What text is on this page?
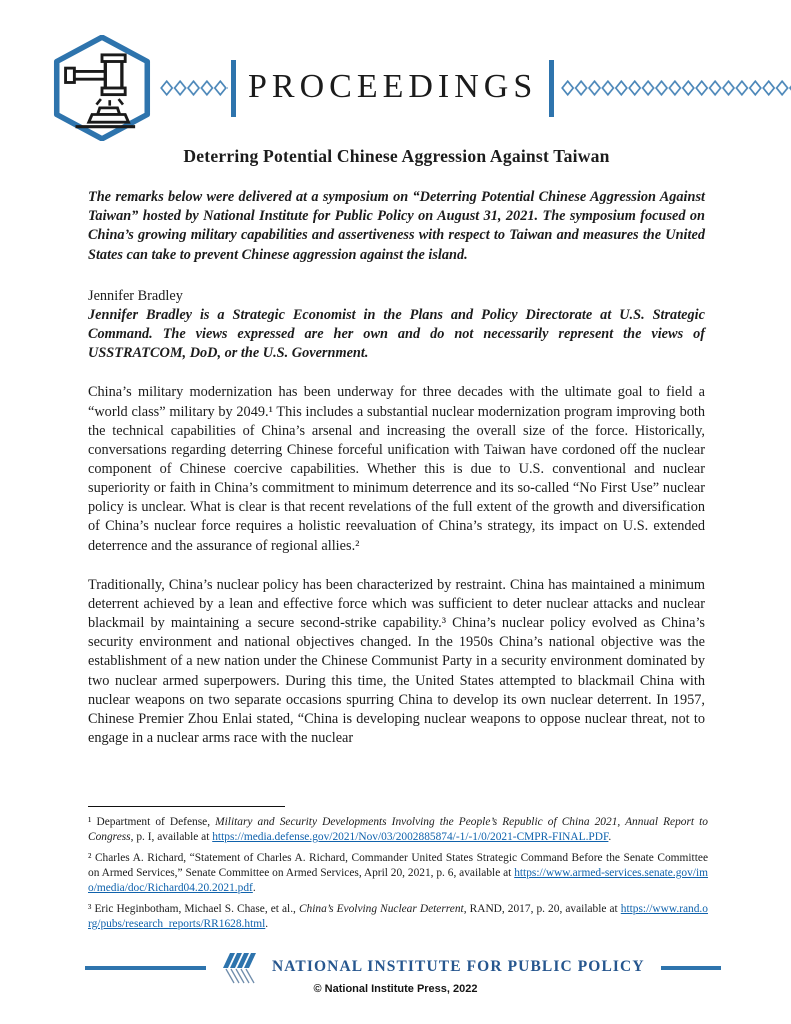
PROCEEDINGS
Deterring Potential Chinese Aggression Against Taiwan

The remarks below were delivered at a symposium on “Deterring Potential Chinese Aggression Against Taiwan” hosted by National Institute for Public Policy on August 31, 2021. The symposium focused on China’s growing military capabilities and assertiveness with respect to Taiwan and measures the United States can take to prevent Chinese aggression against the island.

Jennifer Bradley
Jennifer Bradley is a Strategic Economist in the Plans and Policy Directorate at U.S. Strategic Command. The views expressed are her own and do not necessarily represent the views of USSTRATCOM, DoD, or the U.S. Government.

China’s military modernization has been underway for three decades with the ultimate goal to field a “world class” military by 2049.¹ This includes a substantial nuclear modernization program improving both the technical capabilities of China’s arsenal and increasing the overall size of the force. Historically, conversations regarding deterring Chinese forceful unification with Taiwan have cordoned off the nuclear component of Chinese coercive capabilities. Whether this is due to U.S. conventional and nuclear superiority or faith in China’s commitment to minimum deterrence and its so-called “No First Use” nuclear policy is unclear. What is clear is that recent revelations of the full extent of the growth and diversification of China’s nuclear force requires a holistic reevaluation of China’s strategy, its impact on U.S. extended deterrence and the assurance of regional allies.²

Traditionally, China’s nuclear policy has been characterized by restraint. China has maintained a minimum deterrent achieved by a lean and effective force which was sufficient to deter nuclear attacks and nuclear blackmail by maintaining a secure second-strike capability.³ China’s nuclear policy evolved as China’s security environment and national objectives changed. In the 1950s China’s national objective was the establishment of a new nation under the Chinese Communist Party in a security environment dominated by two nuclear armed superpowers. During this time, the United States attempted to blackmail China with nuclear weapons on two separate occasions spurring China to develop its own nuclear deterrent. In 1957, Chinese Premier Zhou Enlai stated, “China is developing nuclear weapons to oppose nuclear threat, not to engage in a nuclear arms race with the nuclear

¹ Department of Defense, Military and Security Developments Involving the People’s Republic of China 2021, Annual Report to Congress, p. I, available at https://media.defense.gov/2021/Nov/03/2002885874/-1/-1/0/2021-CMPR-FINAL.PDF.

² Charles A. Richard, “Statement of Charles A. Richard, Commander United States Strategic Command Before the Senate Committee on Armed Services,” Senate Committee on Armed Services, April 20, 2021, p. 6, available at https://www.armed-services.senate.gov/imo/media/doc/Richard04.20.2021.pdf.

³ Eric Heginbotham, Michael S. Chase, et al., China’s Evolving Nuclear Deterrent, RAND, 2017, p. 20, available at https://www.rand.org/pubs/research_reports/RR1628.html.

NATIONAL INSTITUTE FOR PUBLIC POLICY
© National Institute Press, 2022
